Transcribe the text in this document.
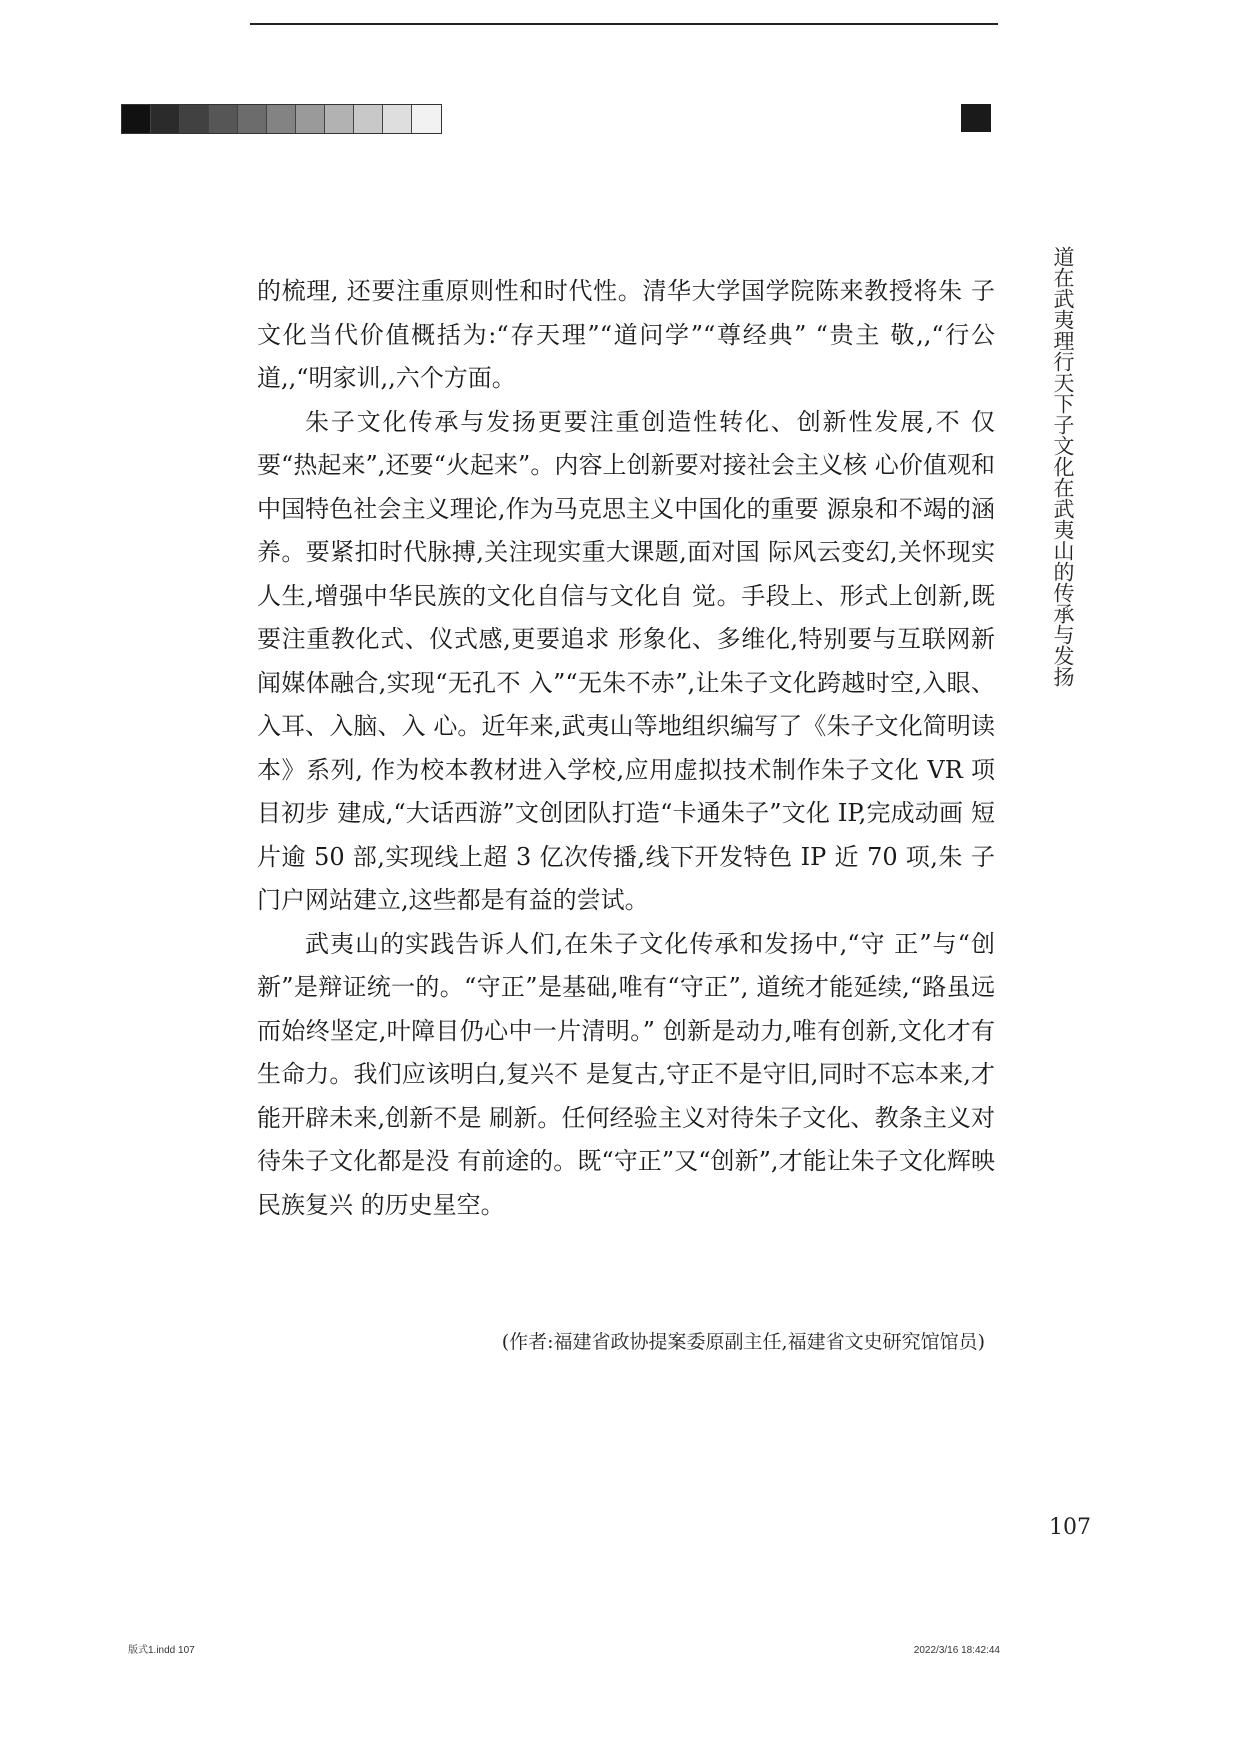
道在武夷理行天下子文化在武夷山的传承与发扬

的梳理, 还要注重原则性和时代性。清华大学国学院陈来教授将朱 子文化当代价值概括为:“存天理”“道问学”“尊经典” “贵主 敬,,“行公道,,“明家训,,六个方面。

朱子文化传承与发扬更要注重创造性转化、创新性发展,不 仅要“热起来”,还要“火起来”。内容上创新要对接社会主义核 心价值观和中国特色社会主义理论,作为马克思主义中国化的重要 源泉和不竭的涵养。要紧扣时代脉搏,关注现实重大课题,面对国 际风云变幻,关怀现实人生,增强中华民族的文化自信与文化自 觉。手段上、形式上创新,既要注重教化式、仪式感,更要追求 形象化、多维化,特别要与互联网新闻媒体融合,实现“无孔不 入”“无朱不赤”,让朱子文化跨越时空,入眼、入耳、入脑、入 心。近年来,武夷山等地组织编写了《朱子文化简明读本》系列, 作为校本教材进入学校,应用虚拟技术制作朱子文化 VR 项目初步 建成,“大话西游”文创团队打造“卡通朱子”文化 IP,完成动画 短片逾 50 部,实现线上超 3 亿次传播,线下开发特色 IP 近 70 项,朱 子门户网站建立,这些都是有益的尝试。

武夷山的实践告诉人们,在朱子文化传承和发扬中,“守 正”与“创新”是辩证统一的。“守正”是基础,唯有“守正”, 道统才能延续,“路虽远而始终坚定,叶障目仍心中一片清明。” 创新是动力,唯有创新,文化才有生命力。我们应该明白,复兴不 是复古,守正不是守旧,同时不忘本来,才能开辟未来,创新不是 刷新。任何经验主义对待朱子文化、教条主义对待朱子文化都是没 有前途的。既“守正”又“创新”,才能让朱子文化辉映民族复兴 的历史星空。

(作者:福建省政协提案委原副主任,福建省文史研究馆馆员)
107
版式1.indd 107	2022/3/16 18:42:44
